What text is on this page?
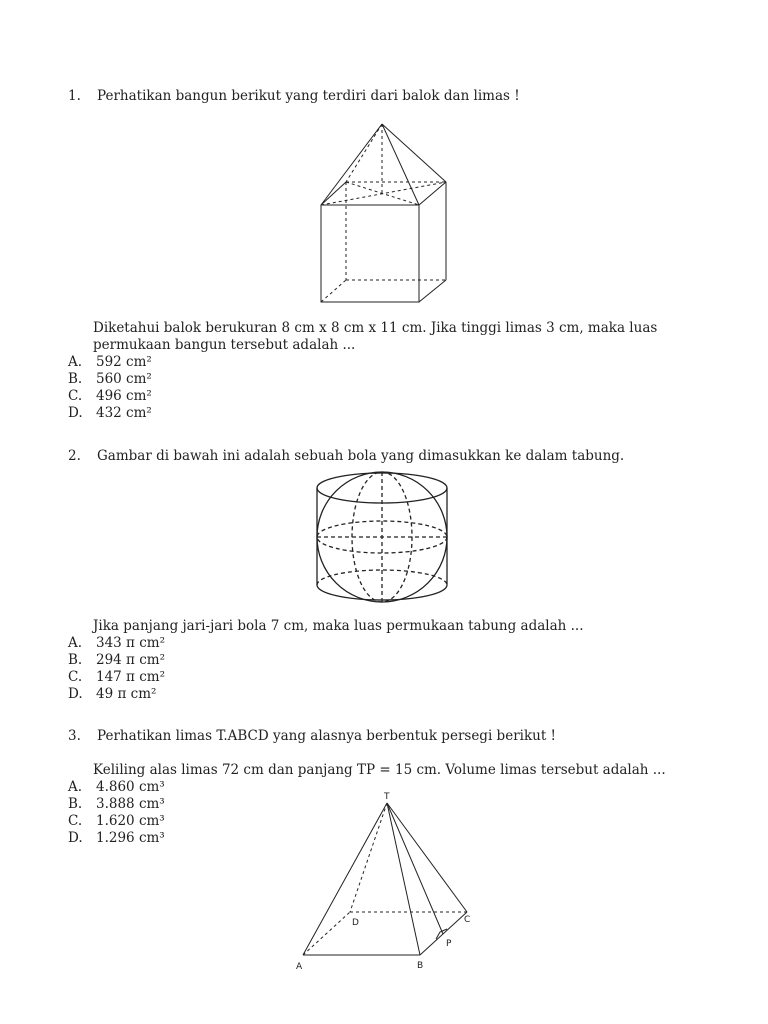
1. Perhatikan bangun berikut yang terdiri dari balok dan limas !
Diketahui balok berukuran 8 cm x 8 cm x 11 cm. Jika tinggi limas 3 cm, maka luas
permukaan bangun tersebut adalah ...
A. 592 cm²
B. 560 cm²
C. 496 cm²
D. 432 cm²
2. Gambar di bawah ini adalah sebuah bola yang dimasukkan ke dalam tabung.
Jika panjang jari-jari bola 7 cm, maka luas permukaan tabung adalah ...
A. 343 π cm²
B. 294 π cm²
C. 147 π cm²
D. 49 π cm²
3. Perhatikan limas T.ABCD yang alasnya berbentuk persegi berikut !
Keliling alas limas 72 cm dan panjang TP = 15 cm. Volume limas tersebut adalah ...
A. 4.860 cm³
B. 3.888 cm³
C. 1.620 cm³
D. 1.296 cm³
T
A	B
C
D
P
